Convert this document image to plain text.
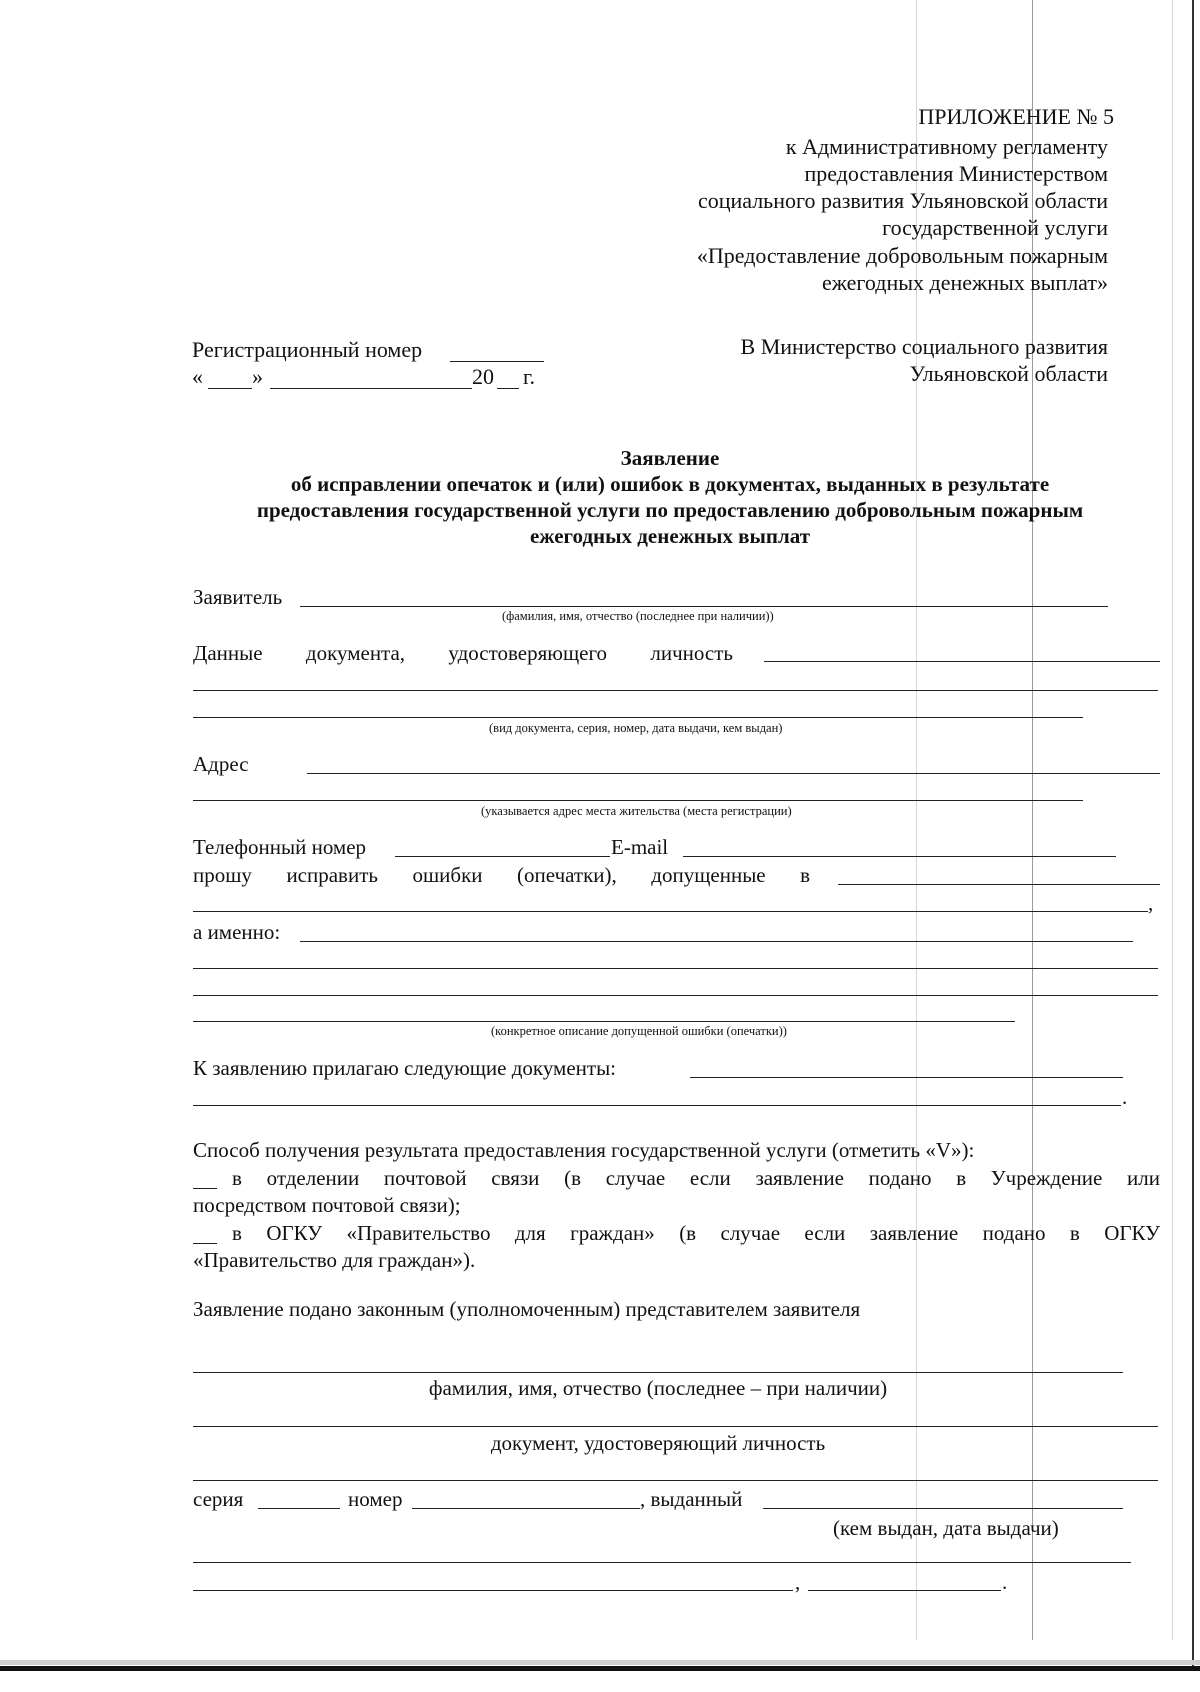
ПРИЛОЖЕНИЕ № 5
к Административному регламенту
предоставления Министерством
социального развития Ульяновской области
государственной услуги
«Предоставление добровольным пожарным
ежегодных денежных выплат»
Регистрационный номер
« »	20 г.
В Министерство социального развития
Ульяновской области
Заявление
об исправлении опечаток и (или) ошибок в документах, выданных в результате
предоставления государственной услуги по предоставлению добровольным пожарным
ежегодных денежных выплат
Заявитель
(фамилия, имя, отчество (последнее при наличии))
Данные документа, удостоверяющего личность
(вид документа, серия, номер, дата выдачи, кем выдан)
Адрес
(указывается адрес места жительства (места регистрации)
Телефонный номер	E-mail
прошу исправить ошибки (опечатки), допущенные в
,
а именно:
(конкретное описание допущенной ошибки (опечатки))
К заявлению прилагаю следующие документы:
.
Способ получения результата предоставления государственной услуги (отметить «V»):
в отделении почтовой связи (в случае если заявление подано в Учреждение или
посредством почтовой связи);
в ОГКУ «Правительство для граждан» (в случае если заявление подано в ОГКУ
«Правительство для граждан»).
Заявление подано законным (уполномоченным) представителем заявителя
фамилия, имя, отчество (последнее – при наличии)
документ, удостоверяющий личность
серия	номер	, выданный
(кем выдан, дата выдачи)
,	.
